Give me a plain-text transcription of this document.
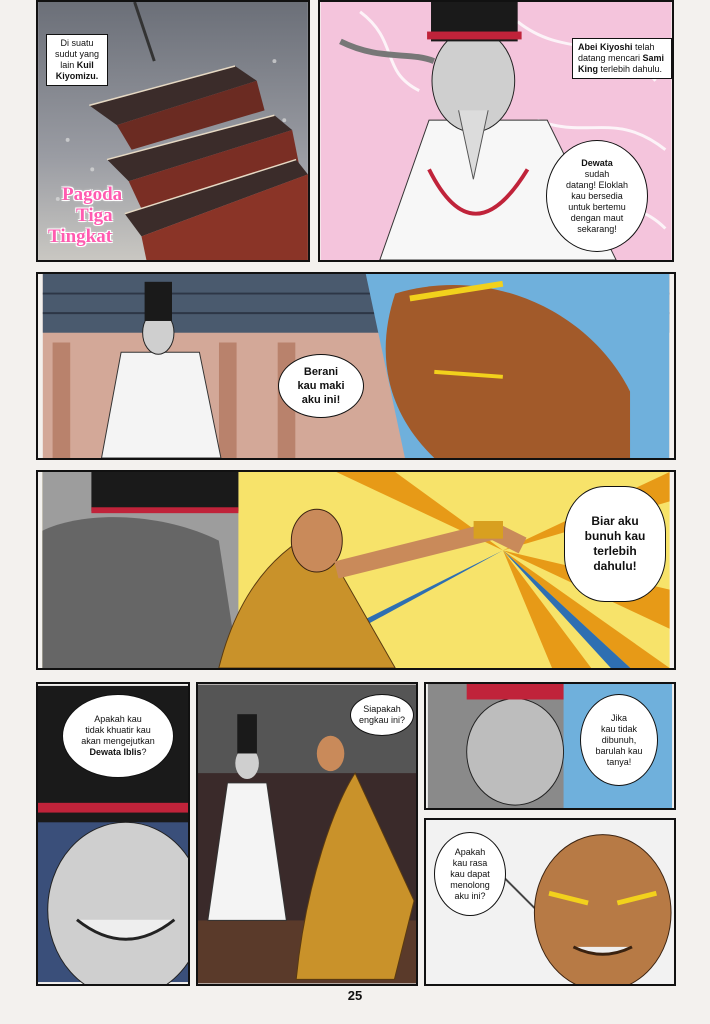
Di suatu
sudut yang
lain Kuil
Kiyomizu.
Pagoda
Tiga
Tingkat
Abei Kiyoshi telah datang mencari Sami King terlebih dahulu.
Dewata
sudah
datang! Eloklah
kau bersedia
untuk bertemu
dengan maut
sekarang!
Berani
kau maki
aku ini!
Biar aku
bunuh kau
terlebih
dahulu!
Apakah kau
tidak khuatir kau
akan mengejutkan
Dewata Iblis?
Siapakah
engkau ini?	Jika
kau tidak
dibunuh,
barulah kau
tanya!
Apakah
kau rasa
kau dapat
menolong
aku ini?
25
